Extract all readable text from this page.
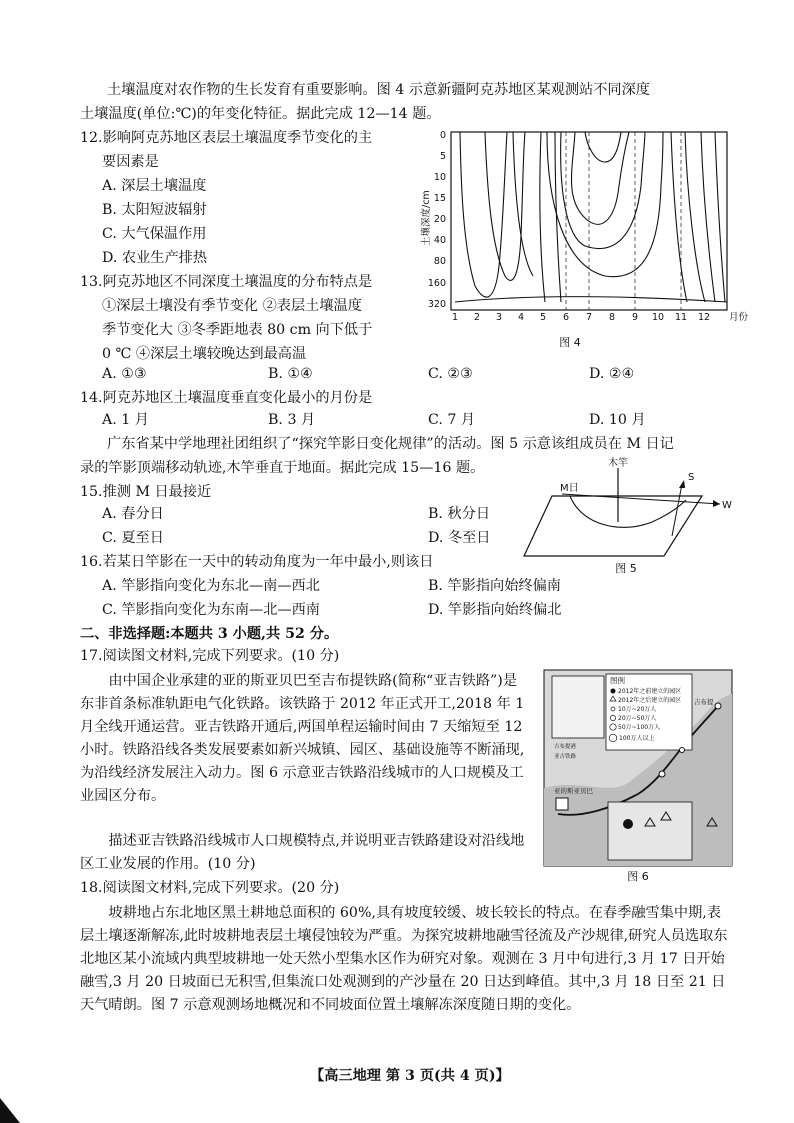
土壤温度对农作物的生长发育有重要影响。图 4 示意新疆阿克苏地区某观测站不同深度
土壤温度(单位:℃)的年变化特征。据此完成 12—14 题。
12.影响阿克苏地区表层土壤温度季节变化的主
要因素是
A. 深层土壤温度
B. 太阳短波辐射
C. 大气保温作用
D. 农业生产排热
13.阿克苏地区不同深度土壤温度的分布特点是
①深层土壤没有季节变化 ②表层土壤温度
季节变化大 ③冬季距地表 80 cm 向下低于
0 ℃ ④深层土壤较晚达到最高温
A. ①③	B. ①④	C. ②③	D. ②④
14.阿克苏地区土壤温度垂直变化最小的月份是
A. 1 月	B. 3 月	C. 7 月	D. 10 月
0
5
10
15
20
40
80
160
320
1 2 3 4 5 6 7 8 9 10 11 12 月份
土壤深度/cm
图 4
广东省某中学地理社团组织了“探究竿影日变化规律”的活动。图 5 示意该组成员在 M 日记
录的竿影顶端移动轨迹,木竿垂直于地面。据此完成 15—16 题。
15.推测 M 日最接近
A. 春分日	B. 秋分日
C. 夏至日	D. 冬至日
木竿
M日
S
W
图 5
16.若某日竿影在一天中的转动角度为一年中最小,则该日
A. 竿影指向变化为东北—南—西北	B. 竿影指向始终偏南
C. 竿影指向变化为东南—北—西南	D. 竿影指向始终偏北
二、非选择题:本题共 3 小题,共 52 分。
17.阅读图文材料,完成下列要求。(10 分)
由中国企业承建的亚的斯亚贝巴至吉布提铁路(简称“亚吉铁路”)是东非首条标准轨距电气化铁路。该铁路于 2012 年正式开工,2018 年 1 月全线开通运营。亚吉铁路开通后,两国单程运输时间由 7 天缩短至 12 小时。铁路沿线各类发展要素如新兴城镇、园区、基础设施等不断涌现,为沿线经济发展注入动力。图 6 示意亚吉铁路沿线城市的人口规模及工业园区分布。
描述亚吉铁路沿线城市人口规模特点,并说明亚吉铁路建设对沿线地区工业发展的作用。(10 分)
图例
2012年之前建立的园区
2012年之后建立的园区
10万~20万人
20万~50万人
50万~100万人
100万人以上
吉布提
亚的斯亚贝巴
吉布提港
亚吉铁路
图 6
18.阅读图文材料,完成下列要求。(20 分)
坡耕地占东北地区黑土耕地总面积的 60%,具有坡度较缓、坡长较长的特点。在春季融雪集中期,表层土壤逐渐解冻,此时坡耕地表层土壤侵蚀较为严重。为探究坡耕地融雪径流及产沙规律,研究人员选取东北地区某小流域内典型坡耕地一处天然小型集水区作为研究对象。观测在 3 月中旬进行,3 月 17 日开始融雪,3 月 20 日坡面已无积雪,但集流口处观测到的产沙量在 20 日达到峰值。其中,3 月 18 日至 21 日天气晴朗。图 7 示意观测场地概况和不同坡面位置土壤解冻深度随日期的变化。
【高三地理 第 3 页(共 4 页)】
